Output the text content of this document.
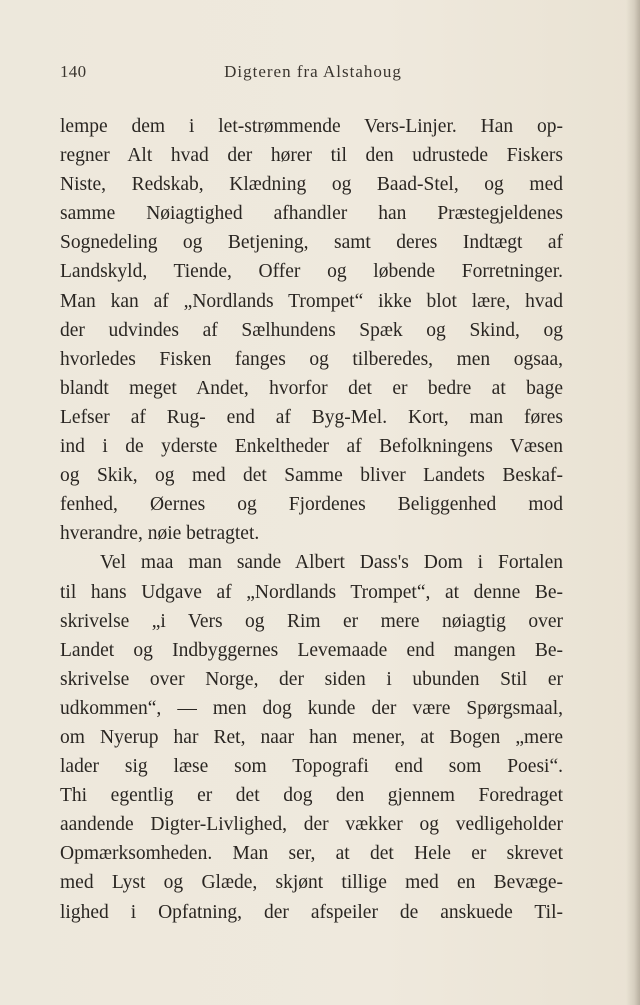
140	Digteren fra Alstahoug
lempe dem i let-strømmende Vers-Linjer. Han op-
regner Alt hvad der hører til den udrustede Fiskers
Niste, Redskab, Klædning og Baad-Stel, og med
samme Nøiagtighed afhandler han Præstegjeldenes
Sognedeling og Betjening, samt deres Indtægt af
Landskyld, Tiende, Offer og løbende Forretninger.
Man kan af „Nordlands Trompet“ ikke blot lære, hvad
der udvindes af Sælhundens Spæk og Skind, og
hvorledes Fisken fanges og tilberedes, men ogsaa,
blandt meget Andet, hvorfor det er bedre at bage
Lefser af Rug- end af Byg-Mel. Kort, man føres
ind i de yderste Enkeltheder af Befolkningens Væsen
og Skik, og med det Samme bliver Landets Beskaf-
fenhed, Øernes og Fjordenes Beliggenhed mod
hverandre, nøie betragtet.
Vel maa man sande Albert Dass's Dom i Fortalen
til hans Udgave af „Nordlands Trompet“, at denne Be-
skrivelse „i Vers og Rim er mere nøiagtig over
Landet og Indbyggernes Levemaade end mangen Be-
skrivelse over Norge, der siden i ubunden Stil er
udkommen“, — men dog kunde der være Spørgsmaal,
om Nyerup har Ret, naar han mener, at Bogen „mere
lader sig læse som Topografi end som Poesi“.
Thi egentlig er det dog den gjennem Foredraget
aandende Digter-Livlighed, der vækker og vedligeholder
Opmærksomheden. Man ser, at det Hele er skrevet
med Lyst og Glæde, skjønt tillige med en Bevæge-
lighed i Opfatning, der afspeiler de anskuede Til-
